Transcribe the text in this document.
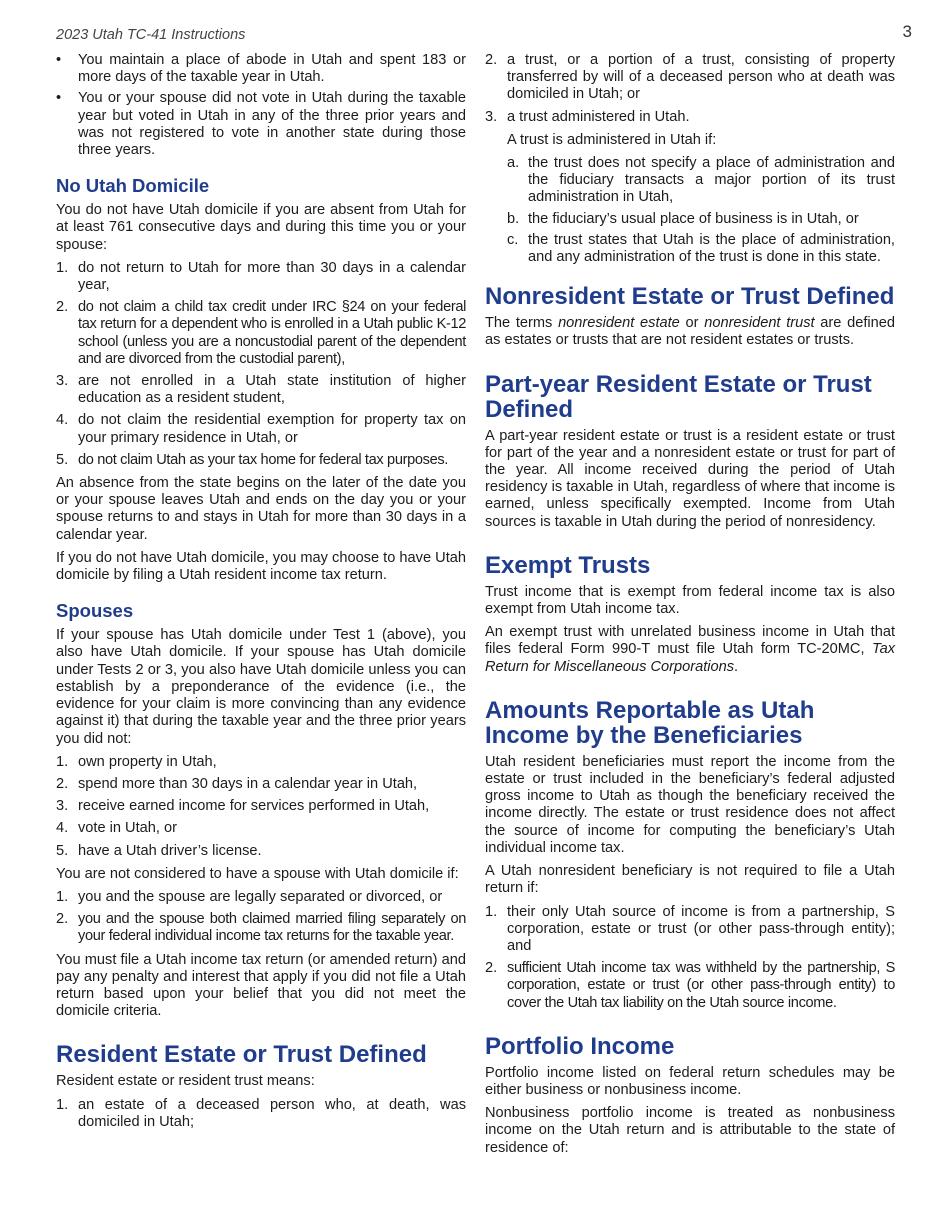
2023 Utah TC-41 Instructions	3
• You maintain a place of abode in Utah and spent 183 or more days of the taxable year in Utah.
• You or your spouse did not vote in Utah during the taxable year but voted in Utah in any of the three prior years and was not registered to vote in another state during those three years.
No Utah Domicile

You do not have Utah domicile if you are absent from Utah for at least 761 consecutive days and during this time you or your spouse:

1. do not return to Utah for more than 30 days in a calendar year,
2. do not claim a child tax credit under IRC §24 on your federal tax return for a dependent who is enrolled in a Utah public K-12 school (unless you are a noncustodial parent of the dependent and are divorced from the custodial parent),
3. are not enrolled in a Utah state institution of higher education as a resident student,
4. do not claim the residential exemption for property tax on your primary residence in Utah, or
5. do not claim Utah as your tax home for federal tax purposes.

An absence from the state begins on the later of the date you or your spouse leaves Utah and ends on the day you or your spouse returns to and stays in Utah for more than 30 days in a calendar year.

If you do not have Utah domicile, you may choose to have Utah domicile by filing a Utah resident income tax return.

Spouses

If your spouse has Utah domicile under Test 1 (above), you also have Utah domicile. If your spouse has Utah domicile under Tests 2 or 3, you also have Utah domicile unless you can establish by a preponderance of the evidence (i.e., the evidence for your claim is more convincing than any evidence against it) that during the taxable year and the three prior years you did not:

1. own property in Utah,
2. spend more than 30 days in a calendar year in Utah,
3. receive earned income for services performed in Utah,
4. vote in Utah, or
5. have a Utah driver’s license.

You are not considered to have a spouse with Utah domicile if:

1. you and the spouse are legally separated or divorced, or
2. you and the spouse both claimed married filing separately on your federal individual income tax returns for the taxable year.

You must file a Utah income tax return (or amended return) and pay any penalty and interest that apply if you did not file a Utah return based upon your belief that you did not meet the domicile criteria.

Resident Estate or Trust Defined

Resident estate or resident trust means:

1. an estate of a deceased person who, at death, was domiciled in Utah;
2. a trust, or a portion of a trust, consisting of property transferred by will of a deceased person who at death was domiciled in Utah; or
3. a trust administered in Utah.

A trust is administered in Utah if:

a. the trust does not specify a place of administration and the fiduciary transacts a major portion of its trust administration in Utah,
b. the fiduciary’s usual place of business is in Utah, or
c. the trust states that Utah is the place of administration, and any administration of the trust is done in this state.
Nonresident Estate or Trust Defined

The terms nonresident estate or nonresident trust are defined as estates or trusts that are not resident estates or trusts.

Part-year Resident Estate or Trust
Defined

A part-year resident estate or trust is a resident estate or trust for part of the year and a nonresident estate or trust for part of the year. All income received during the period of Utah residency is taxable in Utah, regardless of where that income is earned, unless specifically exempted. Income from Utah sources is taxable in Utah during the period of nonresidency.

Exempt Trusts

Trust income that is exempt from federal income tax is also exempt from Utah income tax.

An exempt trust with unrelated business income in Utah that files federal Form 990-T must file Utah form TC-20MC, Tax Return for Miscellaneous Corporations.

Amounts Reportable as Utah
Income by the Beneficiaries

Utah resident beneficiaries must report the income from the estate or trust included in the beneficiary’s federal adjusted gross income to Utah as though the beneficiary received the income directly. The estate or trust residence does not affect the source of income for computing the beneficiary’s Utah individual income tax.

A Utah nonresident beneficiary is not required to file a Utah return if:

1. their only Utah source of income is from a partnership, S corporation, estate or trust (or other pass-through entity); and
2. sufficient Utah income tax was withheld by the partnership, S corporation, estate or trust (or other pass-through entity) to cover the Utah tax liability on the Utah source income.
Portfolio Income

Portfolio income listed on federal return schedules may be either business or nonbusiness income.

Nonbusiness portfolio income is treated as nonbusiness income on the Utah return and is attributable to the state of residence of:
